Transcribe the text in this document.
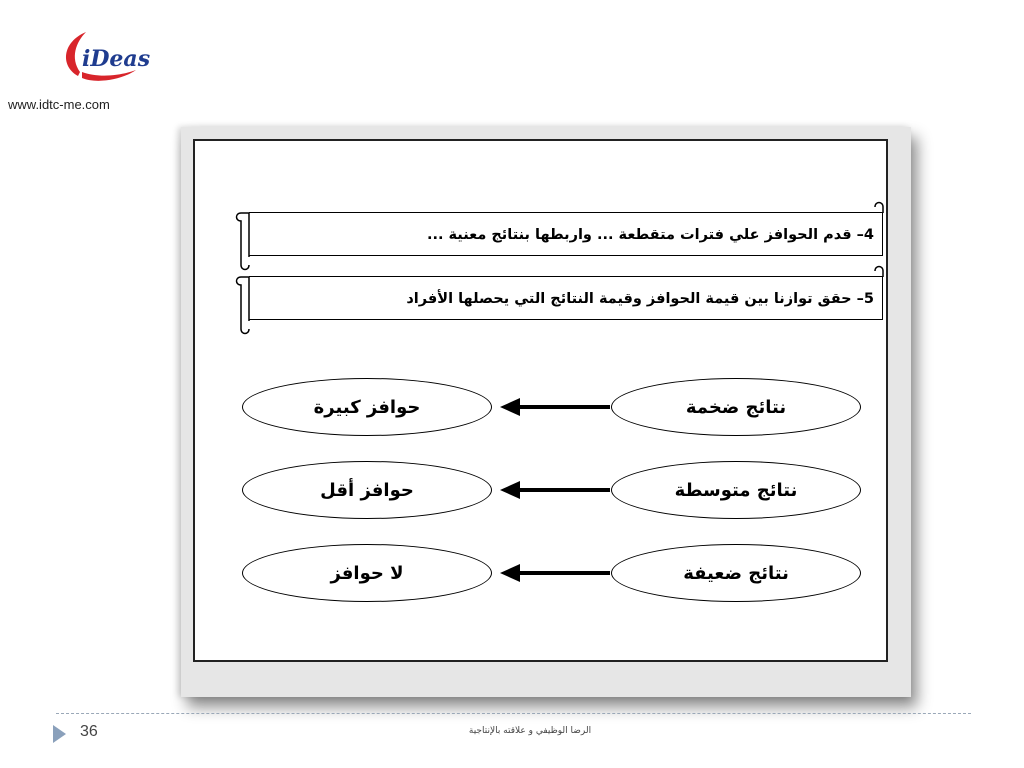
iDeas
www.idtc-me.com
4– قدم الحوافز علي فترات متقطعة ... واربطها بنتائج معنية ...
5– حقق توازنا بين قيمة الحوافز وقيمة النتائج التي يحصلها الأفراد
حوافز كبيرة	نتائج ضخمة
حوافز أقل	نتائج متوسطة
لا حوافز	نتائج ضعيفة
36	الرضا الوظيفي و علاقته بالإنتاجية
